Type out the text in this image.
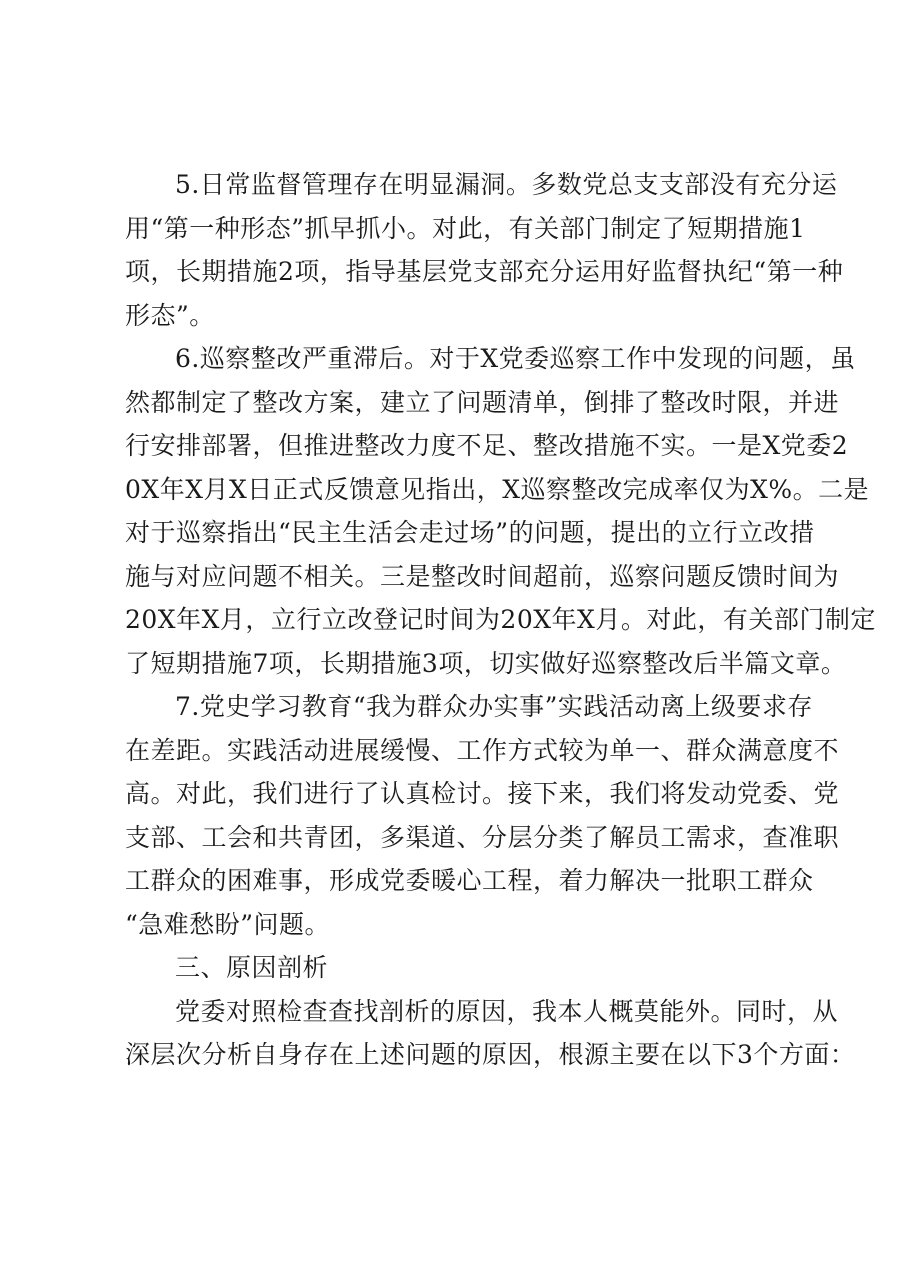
5.日常监督管理存在明显漏洞。多数党总支支部没有充分运
用“第一种形态”抓早抓小。对此，有关部门制定了短期措施1
项，长期措施2项，指导基层党支部充分运用好监督执纪“第一种
形态”。
6.巡察整改严重滞后。对于X党委巡察工作中发现的问题，虽
然都制定了整改方案，建立了问题清单，倒排了整改时限，并进
行安排部署，但推进整改力度不足、整改措施不实。一是X党委2
0X年X月X日正式反馈意见指出，X巡察整改完成率仅为X%。二是
对于巡察指出“民主生活会走过场”的问题，提出的立行立改措
施与对应问题不相关。三是整改时间超前，巡察问题反馈时间为
20X年X月，立行立改登记时间为20X年X月。对此，有关部门制定
了短期措施7项，长期措施3项，切实做好巡察整改后半篇文章。
7.党史学习教育“我为群众办实事”实践活动离上级要求存
在差距。实践活动进展缓慢、工作方式较为单一、群众满意度不
高。对此，我们进行了认真检讨。接下来，我们将发动党委、党
支部、工会和共青团，多渠道、分层分类了解员工需求，查准职
工群众的困难事，形成党委暖心工程，着力解决一批职工群众
“急难愁盼”问题。
三、原因剖析
党委对照检查查找剖析的原因，我本人概莫能外。同时，从
深层次分析自身存在上述问题的原因，根源主要在以下3个方面：
